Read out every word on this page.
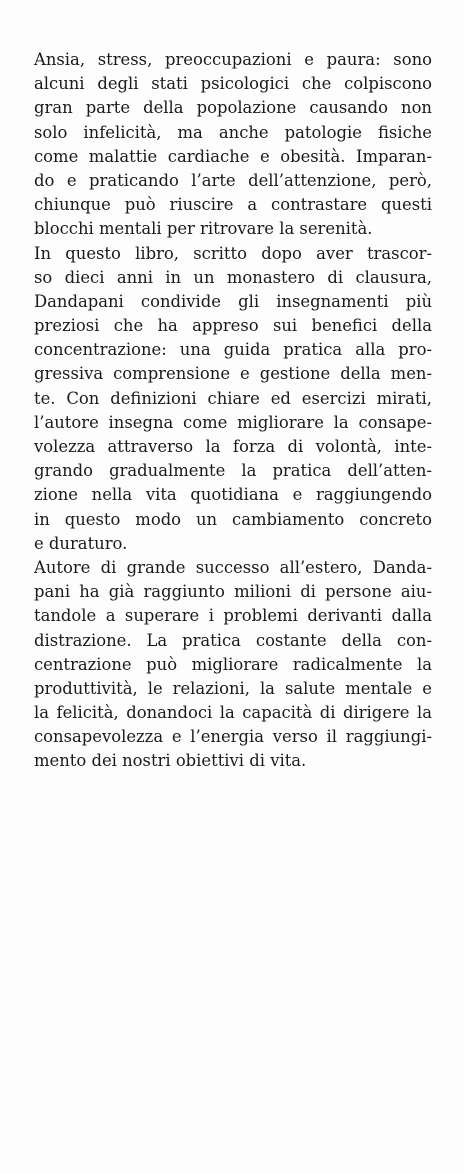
Ansia, stress, preoccupazioni e paura: sono
alcuni degli stati psicologici che colpiscono
gran parte della popolazione causando non
solo infelicità, ma anche patologie fisiche
come malattie cardiache e obesità. Imparan-
do e praticando l’arte dell’attenzione, però,
chiunque può riuscire a contrastare questi
blocchi mentali per ritrovare la serenità.
In questo libro, scritto dopo aver trascor-
so dieci anni in un monastero di clausura,
Dandapani condivide gli insegnamenti più
preziosi che ha appreso sui benefici della
concentrazione: una guida pratica alla pro-
gressiva comprensione e gestione della men-
te. Con definizioni chiare ed esercizi mirati,
l’autore insegna come migliorare la consape-
volezza attraverso la forza di volontà, inte-
grando gradualmente la pratica dell’atten-
zione nella vita quotidiana e raggiungendo
in questo modo un cambiamento concreto
e duraturo.
Autore di grande successo all’estero, Danda-
pani ha già raggiunto milioni di persone aiu-
tandole a superare i problemi derivanti dalla
distrazione. La pratica costante della con-
centrazione può migliorare radicalmente la
produttività, le relazioni, la salute mentale e
la felicità, donandoci la capacità di dirigere la
consapevolezza e l’energia verso il raggiungi-
mento dei nostri obiettivi di vita.
